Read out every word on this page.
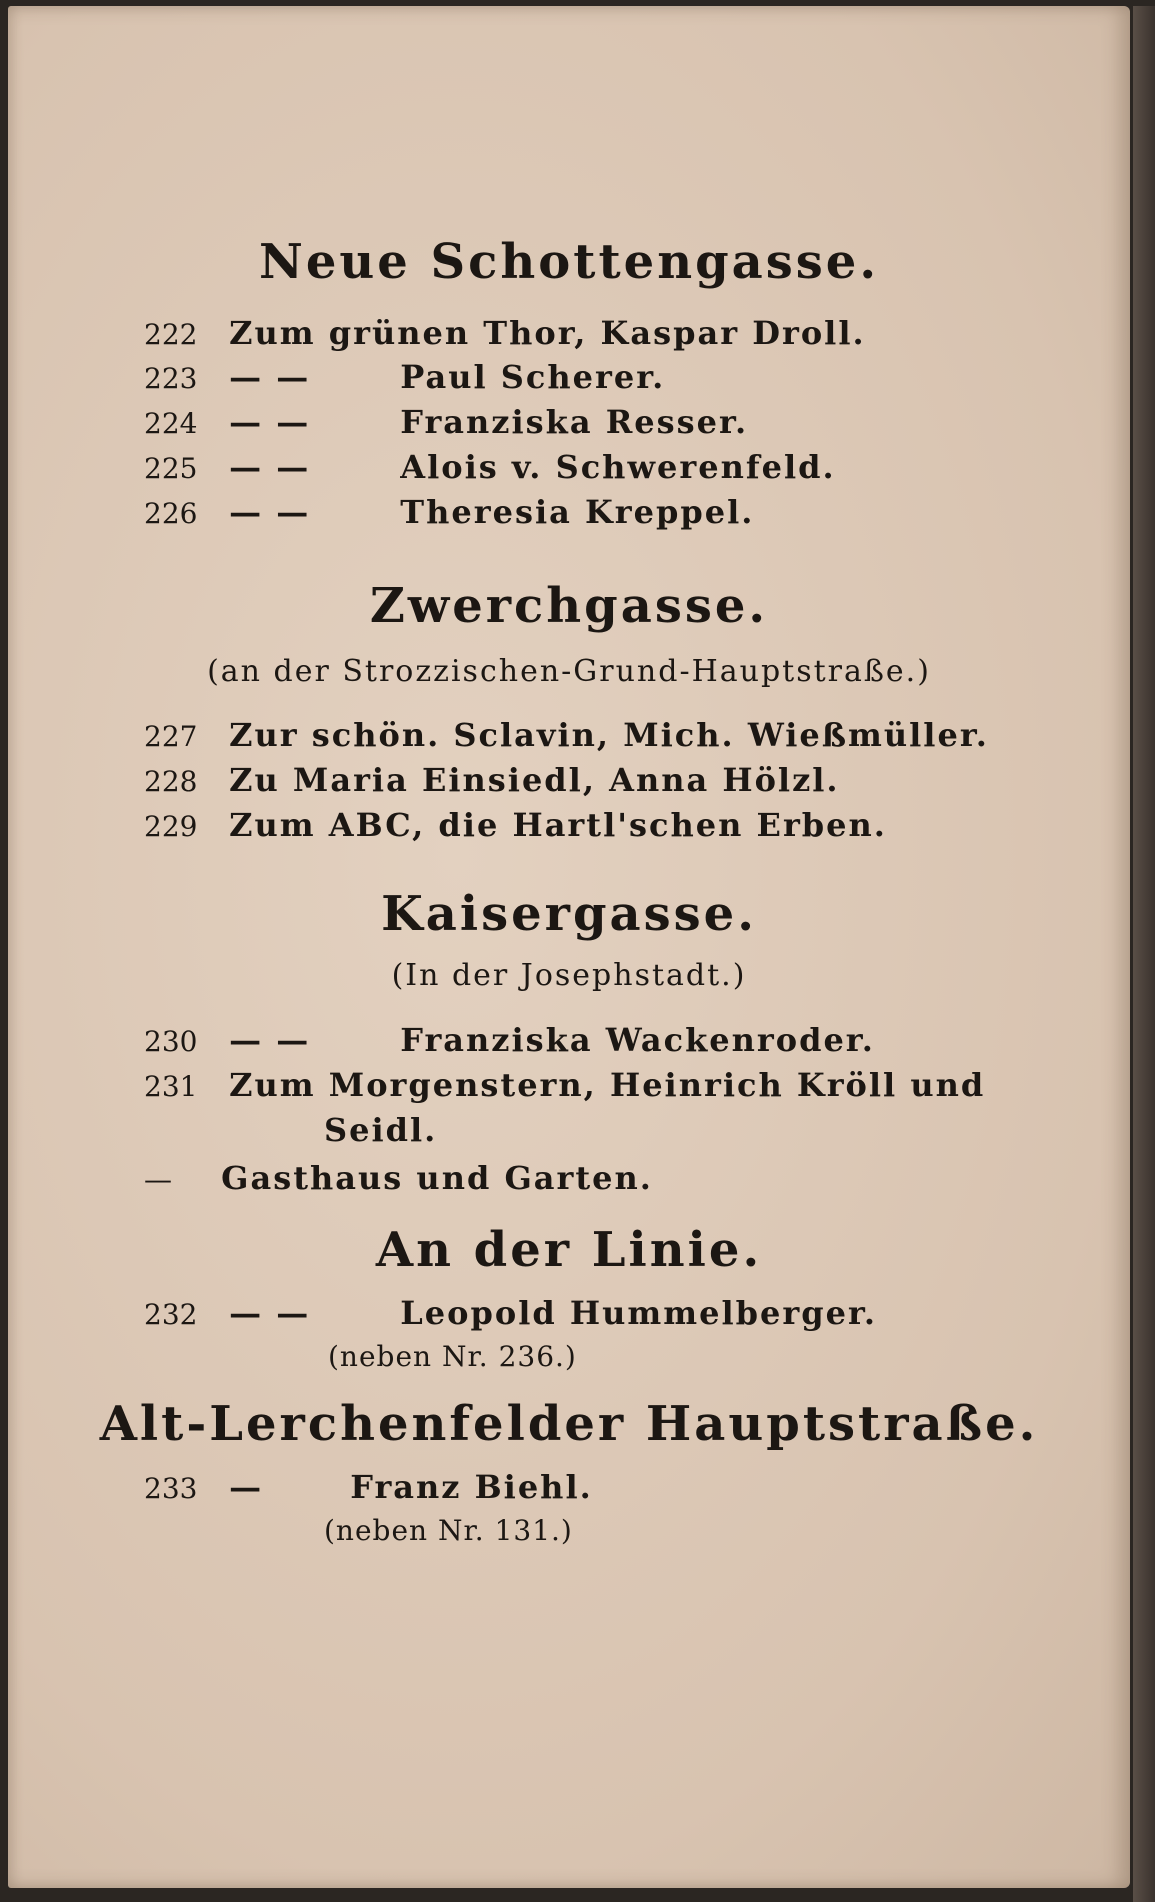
Neue Schottengasse.
222 Zum grünen Thor, Kaspar Droll.
223 — —	Paul Scherer.
224 — —	Franziska Resser.
225 — —	Alois v. Schwerenfeld.
226 — —	Theresia Kreppel.
Zwerchgasse.

(an der Strozzischen-Grund-Hauptstraße.)

227 Zur schön. Sclavin, Mich. Wießmüller.
228 Zu Maria Einsiedl, Anna Hölzl.
229 Zum ABC, die Hartl'schen Erben.
Kaisergasse.

(In der Josephstadt.)

230 — —	Franziska Wackenroder.
231 Zum Morgenstern, Heinrich Kröll und
Seidl.
— Gasthaus und Garten.
An der Linie.
232 — —	Leopold Hummelberger.
(neben Nr. 236.)
Alt-Lerchenfelder Hauptstraße.
233 —	Franz Biehl.
(neben Nr. 131.)
